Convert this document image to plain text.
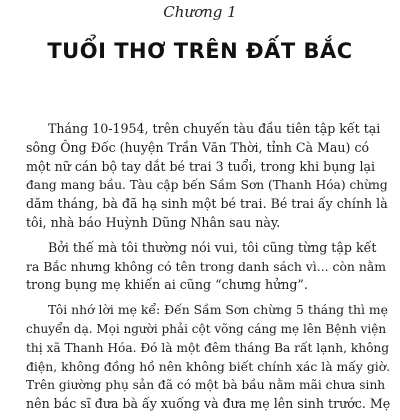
Chương 1
TUỔI THƠ TRÊN ĐẤT BẮC

Tháng 10-1954, trên chuyến tàu đầu tiên tập kết tại
sông Ông Đốc (huyện Trần Văn Thời, tỉnh Cà Mau) có
một nữ cán bộ tay dắt bé trai 3 tuổi, trong khi bụng lại
đang mang bầu. Tàu cập bến Sầm Sơn (Thanh Hóa) chừng
dăm tháng, bà đã hạ sinh một bé trai. Bé trai ấy chính là
tôi, nhà báo Huỳnh Dũng Nhân sau này.

Bởi thế mà tôi thường nói vui, tôi cũng từng tập kết
ra Bắc nhưng không có tên trong danh sách vì... còn nằm
trong bụng mẹ khiến ai cũng “chưng hửng”.

Tôi nhớ lời mẹ kể: Đến Sầm Sơn chừng 5 tháng thì mẹ
chuyển dạ. Mọi người phải cột võng cáng mẹ lên Bệnh viện
thị xã Thanh Hóa. Đó là một đêm tháng Ba rất lạnh, không
điện, không đồng hồ nên không biết chính xác là mấy giờ.
Trên giường phụ sản đã có một bà bầu nằm mãi chưa sinh
nên bác sĩ đưa bà ấy xuống và đưa mẹ lên sinh trước. Mẹ
